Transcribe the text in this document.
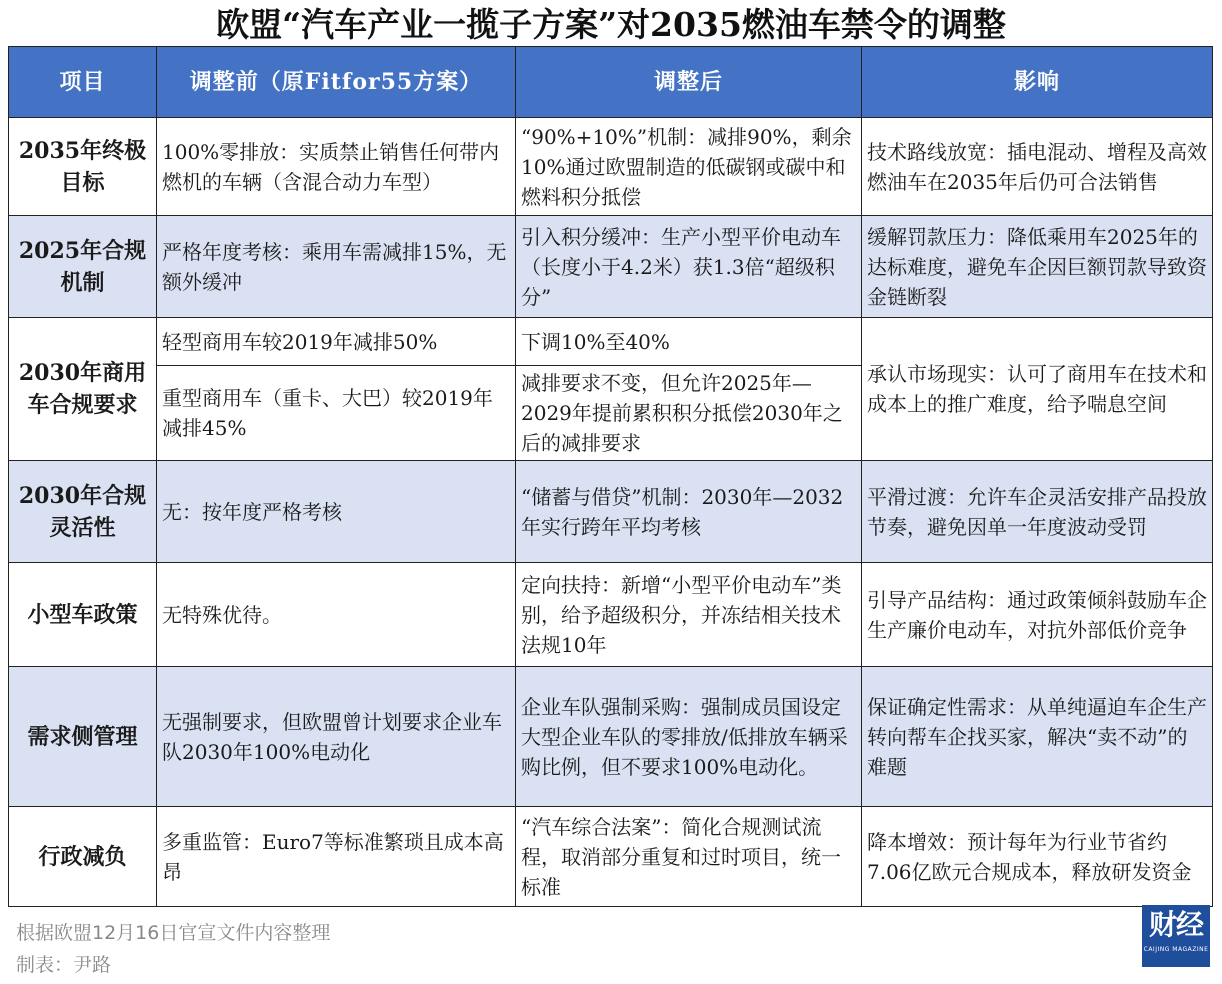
欧盟“汽车产业一揽子方案”对2035燃油车禁令的调整
项目	调整前（原Fitfor55方案）	调整后	影响
2035年终极目标	100%零排放：实质禁止销售任何带内燃机的车辆（含混合动力车型）	“90%+10%”机制：减排90%，剩余10%通过欧盟制造的低碳钢或碳中和燃料积分抵偿	技术路线放宽：插电混动、增程及高效燃油车在2035年后仍可合法销售
2025年合规机制	严格年度考核：乘用车需减排15%，无额外缓冲	引入积分缓冲：生产小型平价电动车（长度小于4.2米）获1.3倍“超级积分”	缓解罚款压力：降低乘用车2025年的达标难度，避免车企因巨额罚款导致资金链断裂
2030年商用车合规要求	轻型商用车较2019年减排50%	下调10%至40%	承认市场现实：认可了商用车在技术和成本上的推广难度，给予喘息空间
	重型商用车（重卡、大巴）较2019年减排45%	减排要求不变，但允许2025年—2029年提前累积积分抵偿2030年之后的减排要求	
2030年合规灵活性	无：按年度严格考核	“储蓄与借贷”机制：2030年—2032年实行跨年平均考核	平滑过渡：允许车企灵活安排产品投放节奏，避免因单一年度波动受罚
小型车政策	无特殊优待。	定向扶持：新增“小型平价电动车”类别，给予超级积分，并冻结相关技术法规10年	引导产品结构：通过政策倾斜鼓励车企生产廉价电动车，对抗外部低价竞争
需求侧管理	无强制要求，但欧盟曾计划要求企业车队2030年100%电动化	企业车队强制采购：强制成员国设定大型企业车队的零排放/低排放车辆采购比例，但不要求100%电动化。	保证确定性需求：从单纯逼迫车企生产转向帮车企找买家，解决“卖不动”的难题
行政减负	多重监管：Euro7等标准繁琐且成本高昂	“汽车综合法案”：简化合规测试流程，取消部分重复和过时项目，统一标准	降本增效：预计每年为行业节省约7.06亿欧元合规成本，释放研发资金
根据欧盟12月16日官宣文件内容整理
制表：尹路
财经
CAIJING MAGAZINE
